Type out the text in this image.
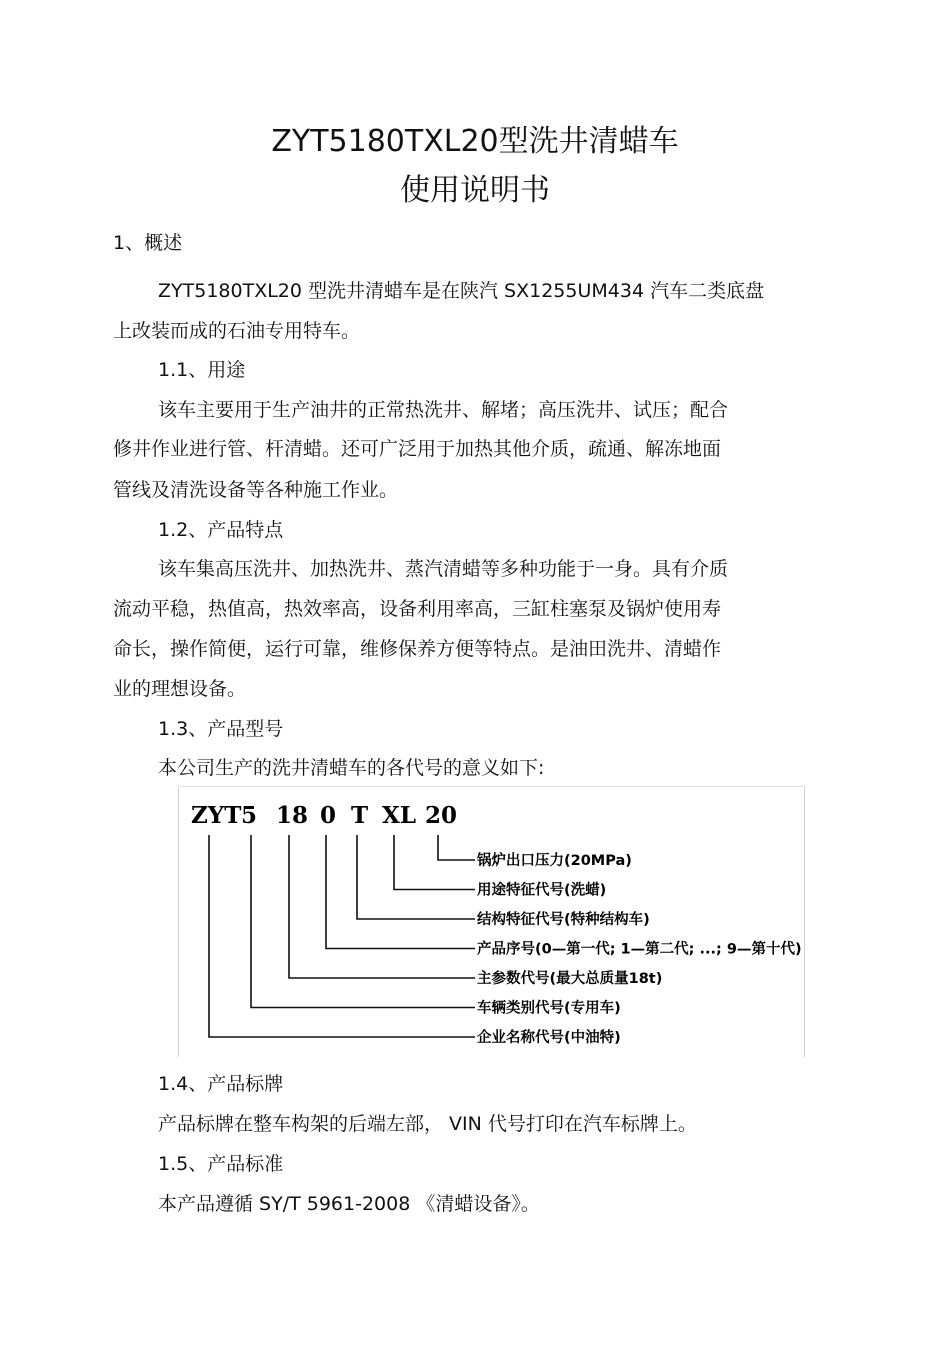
ZYT5180TXL20型洗井清蜡车
使用说明书

1、概述

ZYT5180TXL20 型洗井清蜡车是在陕汽 SX1255UM434 汽车二类底盘

上改装而成的石油专用特车。

1.1、用途

该车主要用于生产油井的正常热洗井、解堵；高压洗井、试压；配合

修井作业进行管、杆清蜡。还可广泛用于加热其他介质，疏通、解冻地面

管线及清洗设备等各种施工作业。

1.2、产品特点

该车集高压洗井、加热洗井、蒸汽清蜡等多种功能于一身。具有介质

流动平稳，热值高，热效率高，设备利用率高，三缸柱塞泵及锅炉使用寿

命长，操作简便，运行可靠，维修保养方便等特点。是油田洗井、清蜡作

业的理想设备。

1.3、产品型号

本公司生产的洗井清蜡车的各代号的意义如下:

ZYT 5 18 0 T XL 20
锅炉出口压力(20MPa)
用途特征代号(洗蜡)
结构特征代号(特种结构车)
产品序号(0—第一代; 1—第二代; ...; 9—第十代)
主参数代号(最大总质量18t)
车辆类别代号(专用车)
企业名称代号(中油特)

1.4、产品标牌

产品标牌在整车构架的后端左部， VIN 代号打印在汽车标牌上。

1.5、产品标准

本产品遵循 SY/T 5961-2008 《清蜡设备》。
